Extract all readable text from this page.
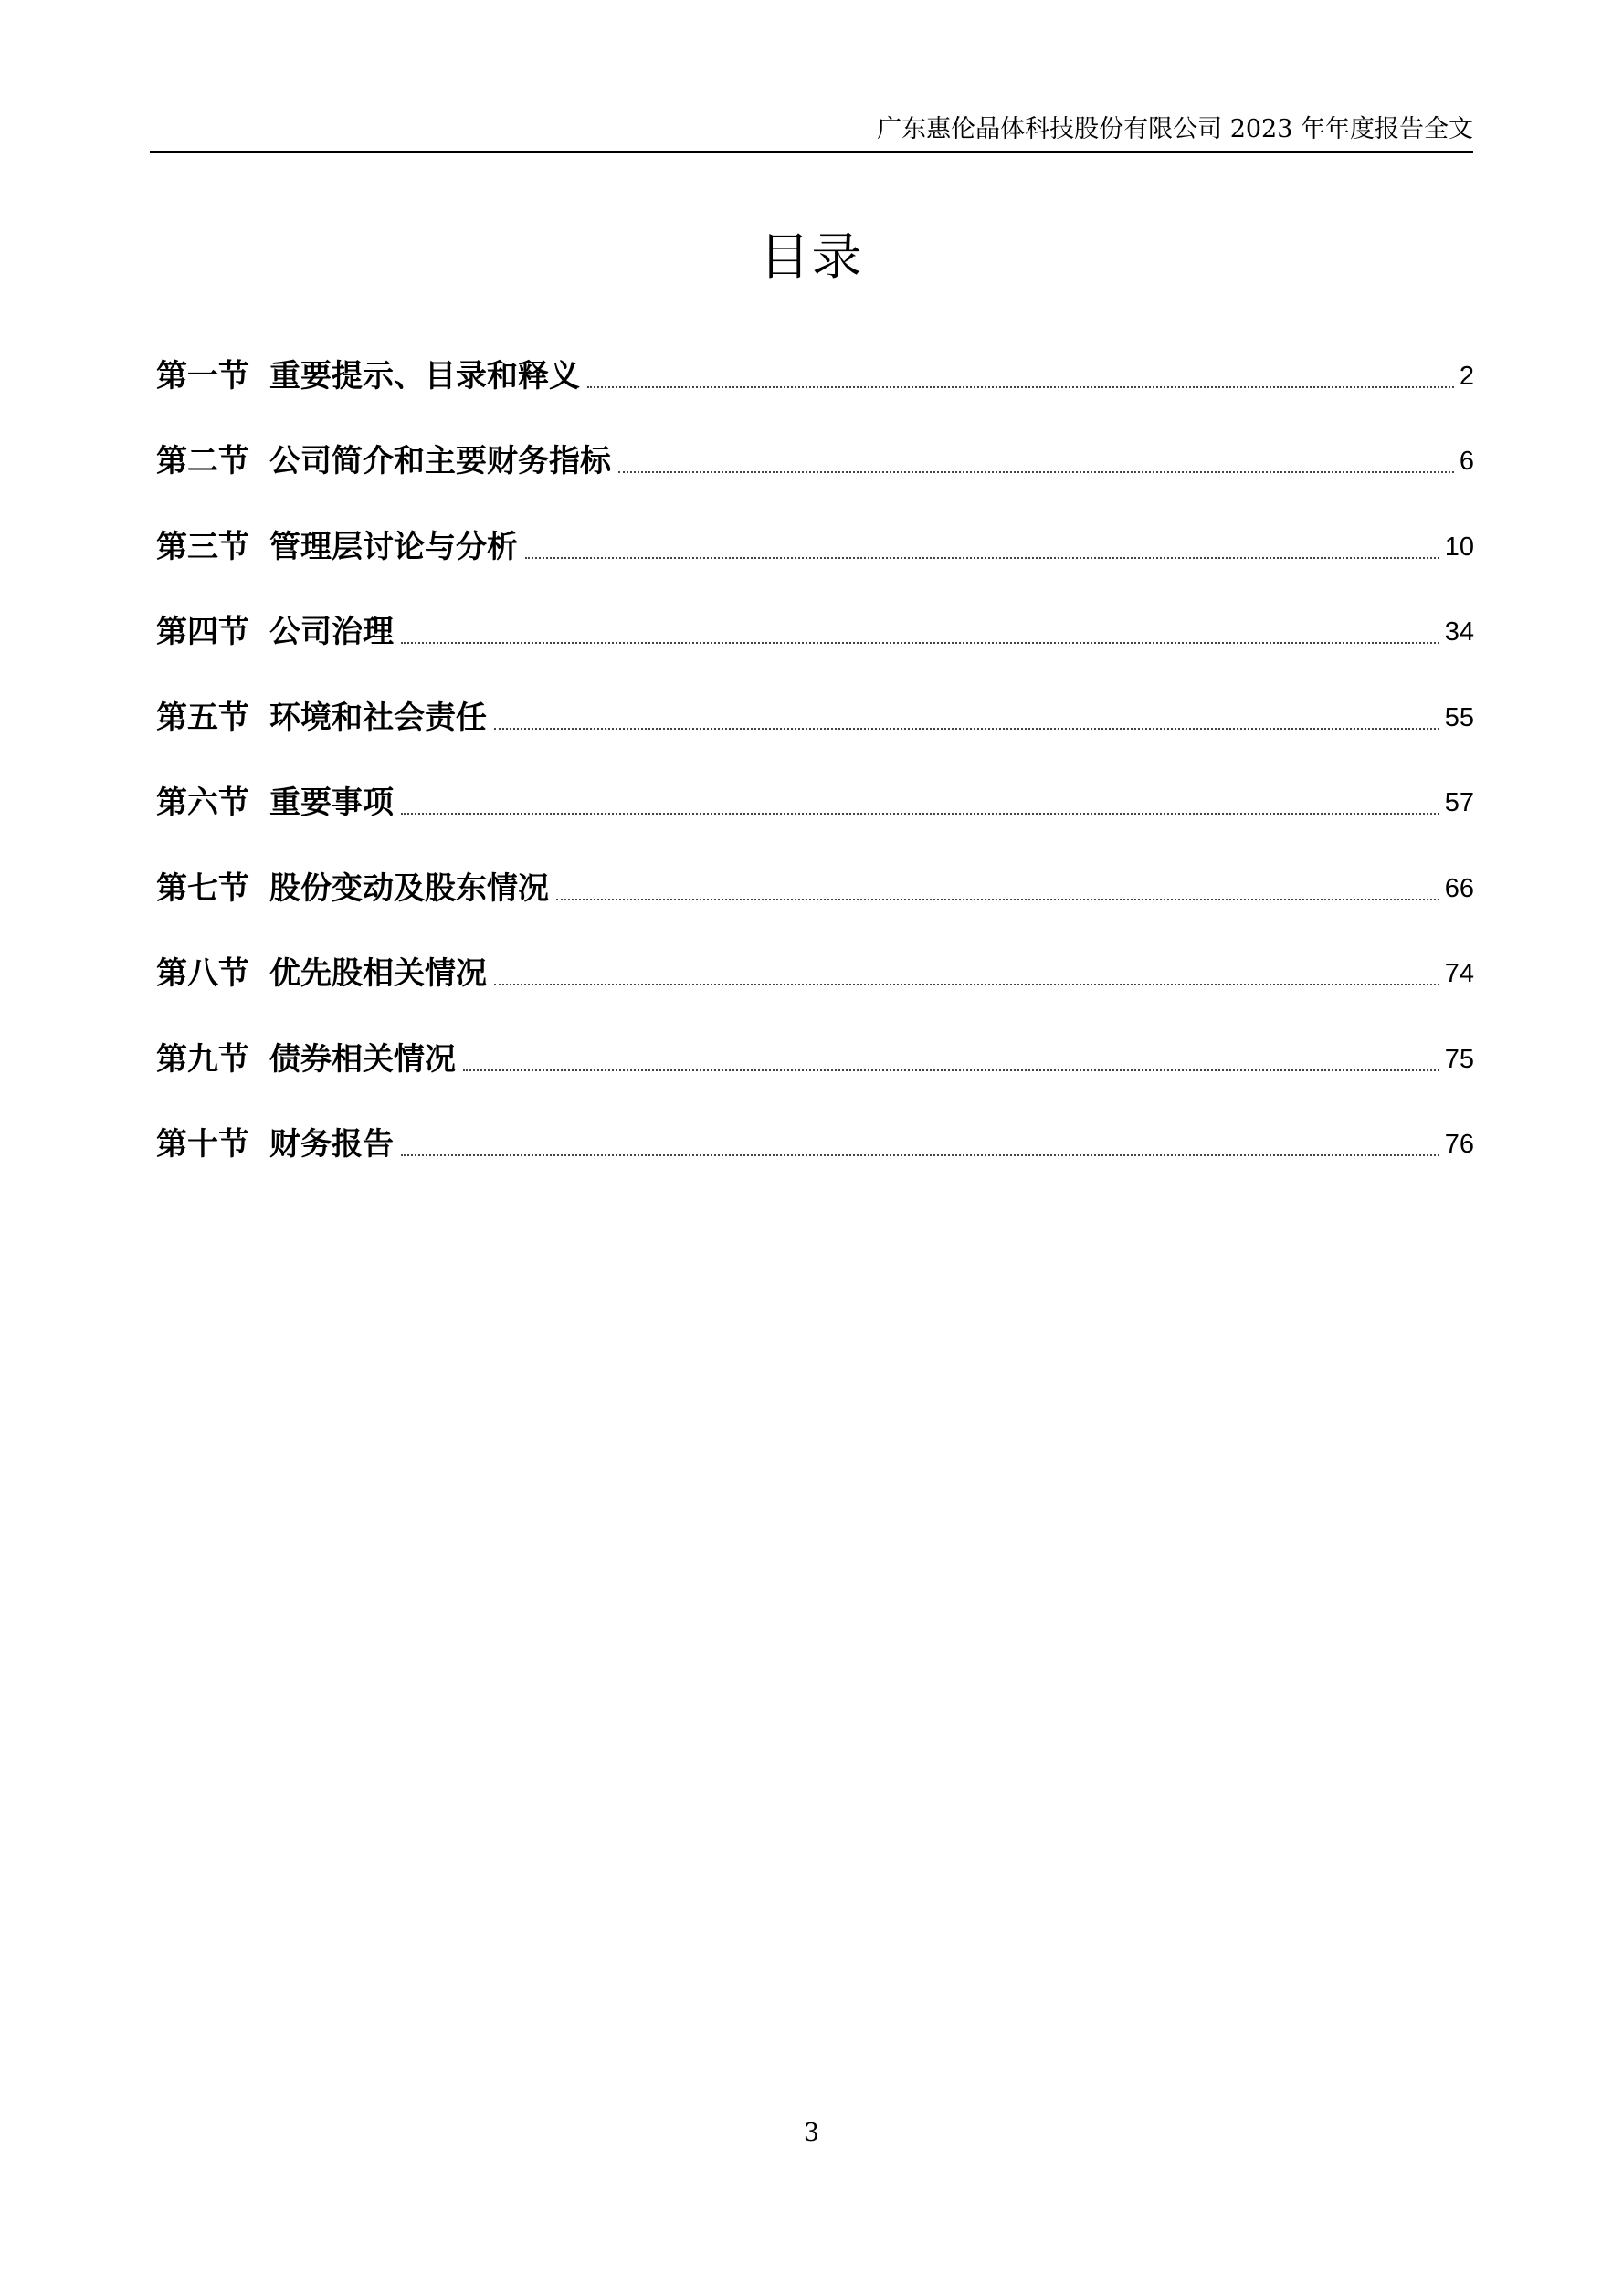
广东惠伦晶体科技股份有限公司 2023 年年度报告全文
目录
第一节 重要提示、目录和释义	2
第二节 公司简介和主要财务指标	6
第三节 管理层讨论与分析	10
第四节 公司治理	34
第五节 环境和社会责任	55
第六节 重要事项	57
第七节 股份变动及股东情况	66
第八节 优先股相关情况	74
第九节 债券相关情况	75
第十节 财务报告	76
3
